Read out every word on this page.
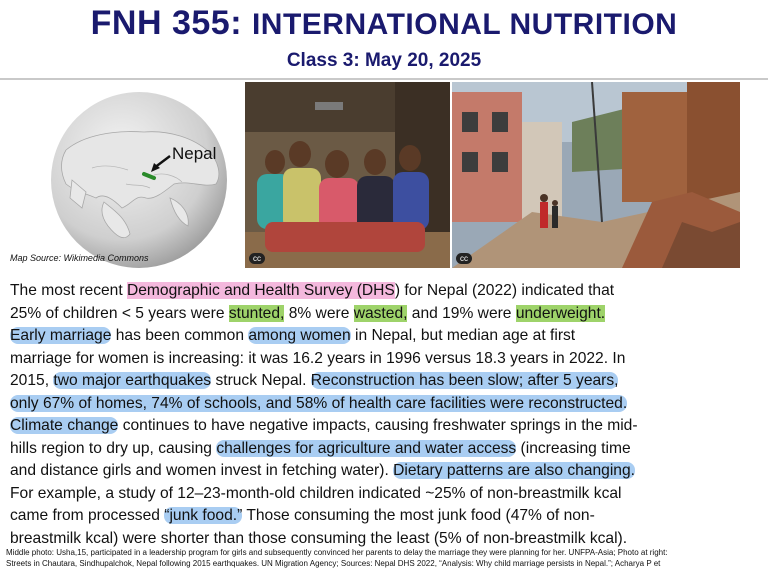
FNH 355: INTERNATIONAL NUTRITION
Class 3: May 20, 2025
Nepal
Map Source: Wikimedia Commons	cc	cc
The most recent Demographic and Health Survey (DHS) for Nepal (2022) indicated that
25% of children < 5 years were stunted, 8% were wasted, and 19% were underweight.
Early marriage has been common among women in Nepal, but median age at first
marriage for women is increasing: it was 16.2 years in 1996 versus 18.3 years in 2022. In
2015, two major earthquakes struck Nepal. Reconstruction has been slow; after 5 years,
only 67% of homes, 74% of schools, and 58% of health care facilities were reconstructed.
Climate change continues to have negative impacts, causing freshwater springs in the mid-
hills region to dry up, causing challenges for agriculture and water access (increasing time
and distance girls and women invest in fetching water). Dietary patterns are also changing.
For example, a study of 12–23-month-old children indicated ~25% of non-breastmilk kcal
came from processed “junk food.” Those consuming the most junk food (47% of non-
breastmilk kcal) were shorter than those consuming the least (5% of non-breastmilk kcal).
Middle photo: Usha,15, participated in a leadership program for girls and subsequently convinced her parents to delay the marriage they were planning for her. UNFPA-Asia; Photo at right:
Streets in Chautara, Sindhupalchok, Nepal following 2015 earthquakes. UN Migration Agency; Sources: Nepal DHS 2022, “Analysis: Why child marriage persists in Nepal.”; Acharya P et
